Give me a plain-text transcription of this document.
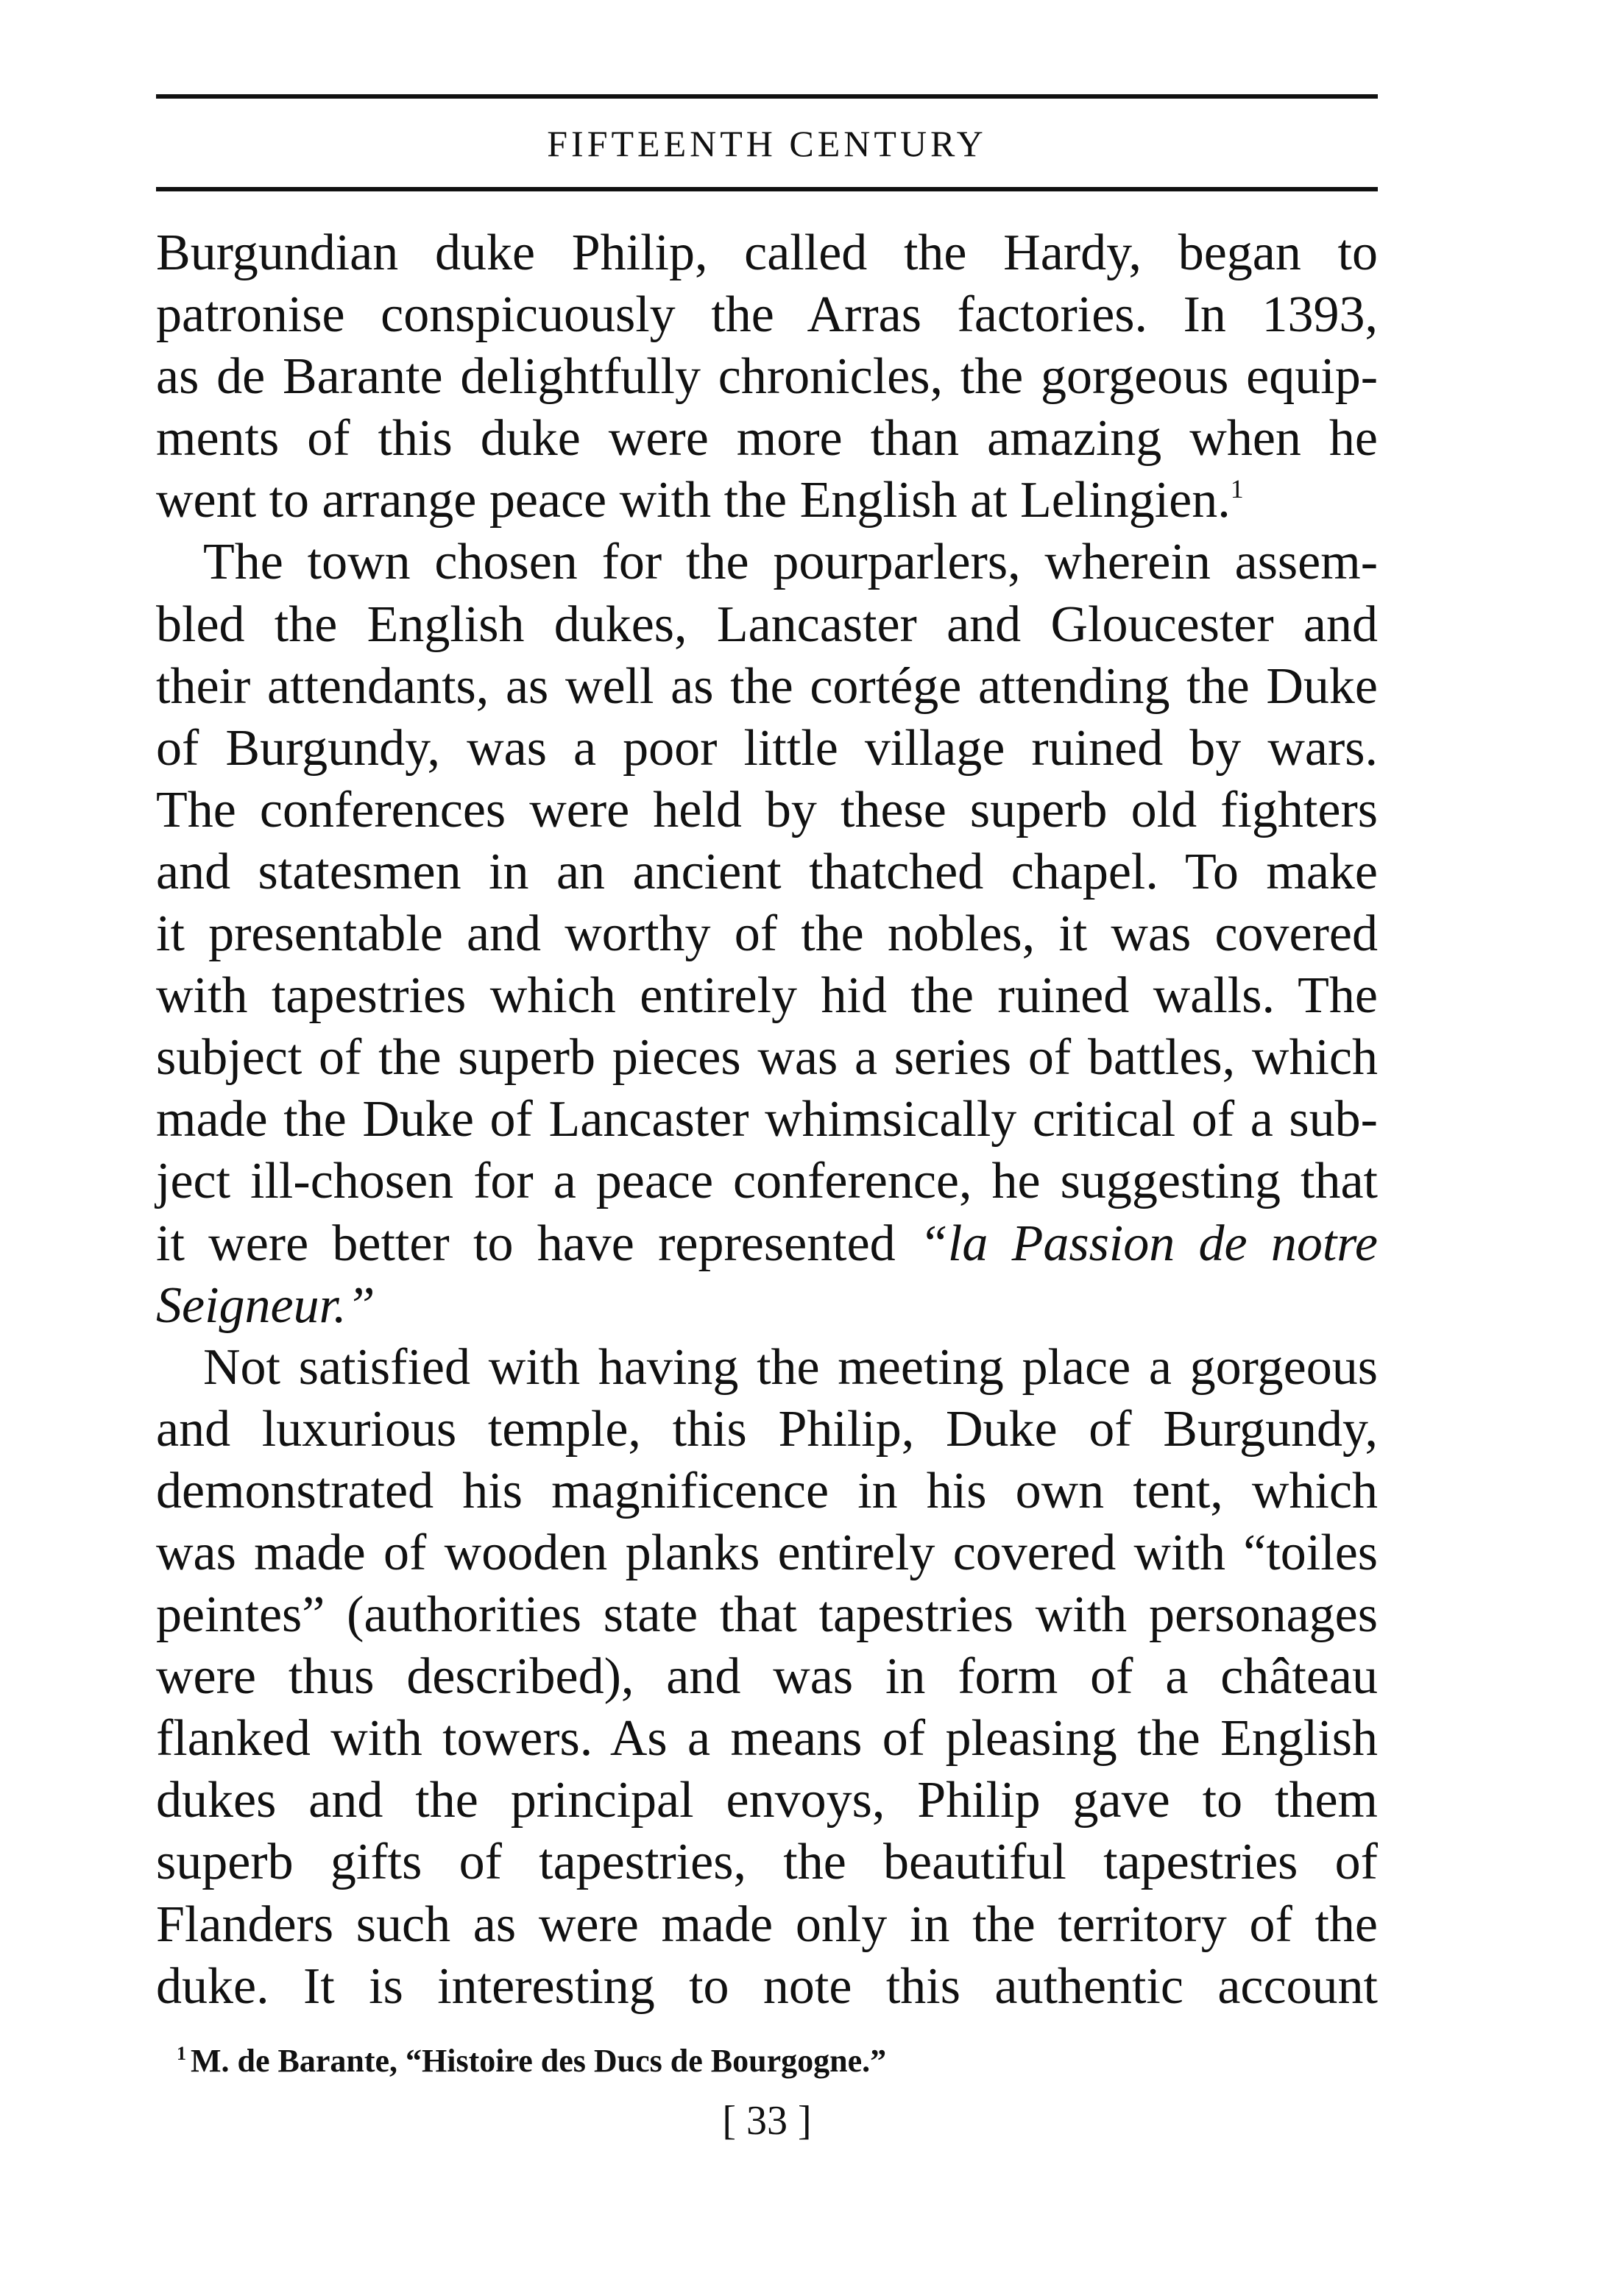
FIFTEENTH CENTURY
Burgundian duke Philip, called the Hardy, began to
patronise conspicuously the Arras factories. In 1393,
as de Barante delightfully chronicles, the gorgeous equip-
ments of this duke were more than amazing when he
went to arrange peace with the English at Lelingien.$^1$
The town chosen for the pourparlers, wherein assem-
bled the English dukes, Lancaster and Gloucester and
their attendants, as well as the cortége attending the Duke
of Burgundy, was a poor little village ruined by wars.
The conferences were held by these superb old fighters
and statesmen in an ancient thatched chapel. To make
it presentable and worthy of the nobles, it was covered
with tapestries which entirely hid the ruined walls. The
subject of the superb pieces was a series of battles, which
made the Duke of Lancaster whimsically critical of a sub-
ject ill-chosen for a peace conference, he suggesting that
it were better to have represented “la Passion de notre
Seigneur.”
Not satisfied with having the meeting place a gorgeous
and luxurious temple, this Philip, Duke of Burgundy,
demonstrated his magnificence in his own tent, which
was made of wooden planks entirely covered with “toiles
peintes” (authorities state that tapestries with personages
were thus described), and was in form of a château
flanked with towers. As a means of pleasing the English
dukes and the principal envoys, Philip gave to them
superb gifts of tapestries, the beautiful tapestries of
Flanders such as were made only in the territory of the
duke. It is interesting to note this authentic account
$^1$ M. de Barante, “Histoire des Ducs de Bourgogne.”
[ 33 ]
